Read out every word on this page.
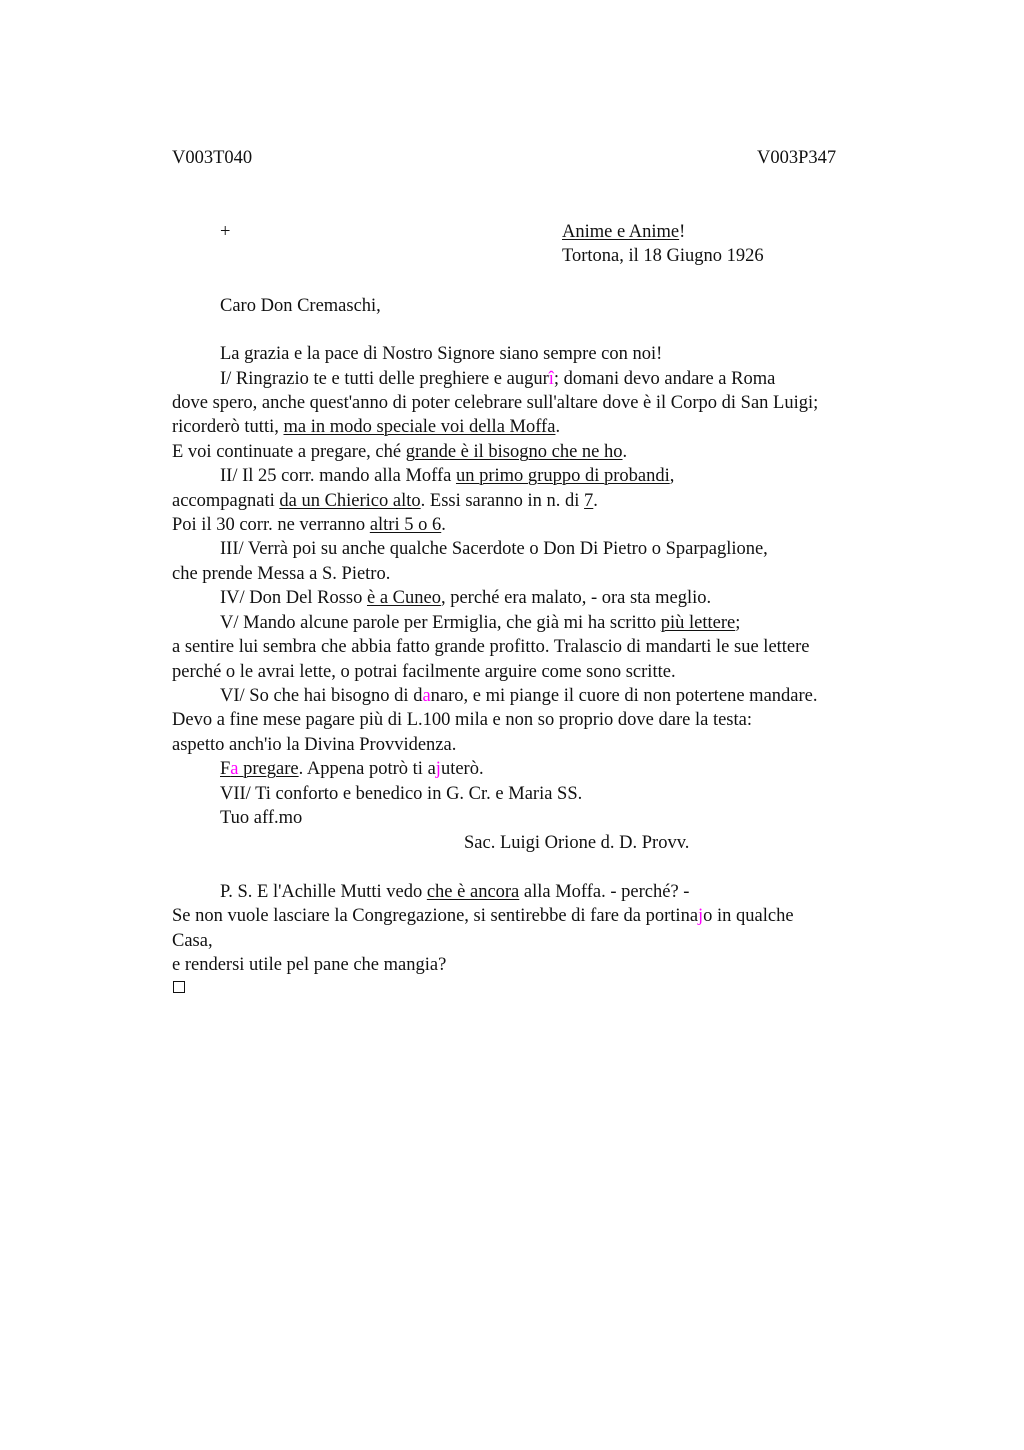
V003T040	V003P347
+	Anime e Anime!
Tortona, il 18 Giugno 1926
Caro Don Cremaschi,
La grazia e la pace di Nostro Signore siano sempre con noi!
I/ Ringrazio te e tutti delle preghiere e augurî; domani devo andare a Roma
dove spero, anche quest'anno di poter celebrare sull'altare dove è il Corpo di San Luigi;
ricorderò tutti, ma in modo speciale voi della Moffa.
E voi continuate a pregare, ché grande è il bisogno che ne ho.
II/ Il 25 corr. mando alla Moffa un primo gruppo di probandi,
accompagnati da un Chierico alto. Essi saranno in n. di 7.
Poi il 30 corr. ne verranno altri 5 o 6.
III/ Verrà poi su anche qualche Sacerdote o Don Di Pietro o Sparpaglione,
che prende Messa a S. Pietro.
IV/ Don Del Rosso è a Cuneo, perché era malato, - ora sta meglio.
V/ Mando alcune parole per Ermiglia, che già mi ha scritto più lettere;
a sentire lui sembra che abbia fatto grande profitto. Tralascio di mandarti le sue lettere
perché o le avrai lette, o potrai facilmente arguire come sono scritte.
VI/ So che hai bisogno di danaro, e mi piange il cuore di non potertene mandare.
Devo a fine mese pagare più di L.100 mila e non so proprio dove dare la testa:
aspetto anch'io la Divina Provvidenza.
Fa pregare. Appena potrò ti ajuterò.
VII/ Ti conforto e benedico in G. Cr. e Maria SS.
Tuo aff.mo
Sac. Luigi Orione d. D. Provv.
P. S. E l'Achille Mutti vedo che è ancora alla Moffa. - perché? -
Se non vuole lasciare la Congregazione, si sentirebbe di fare da portinajo in qualche
Casa,
e rendersi utile pel pane che mangia?
